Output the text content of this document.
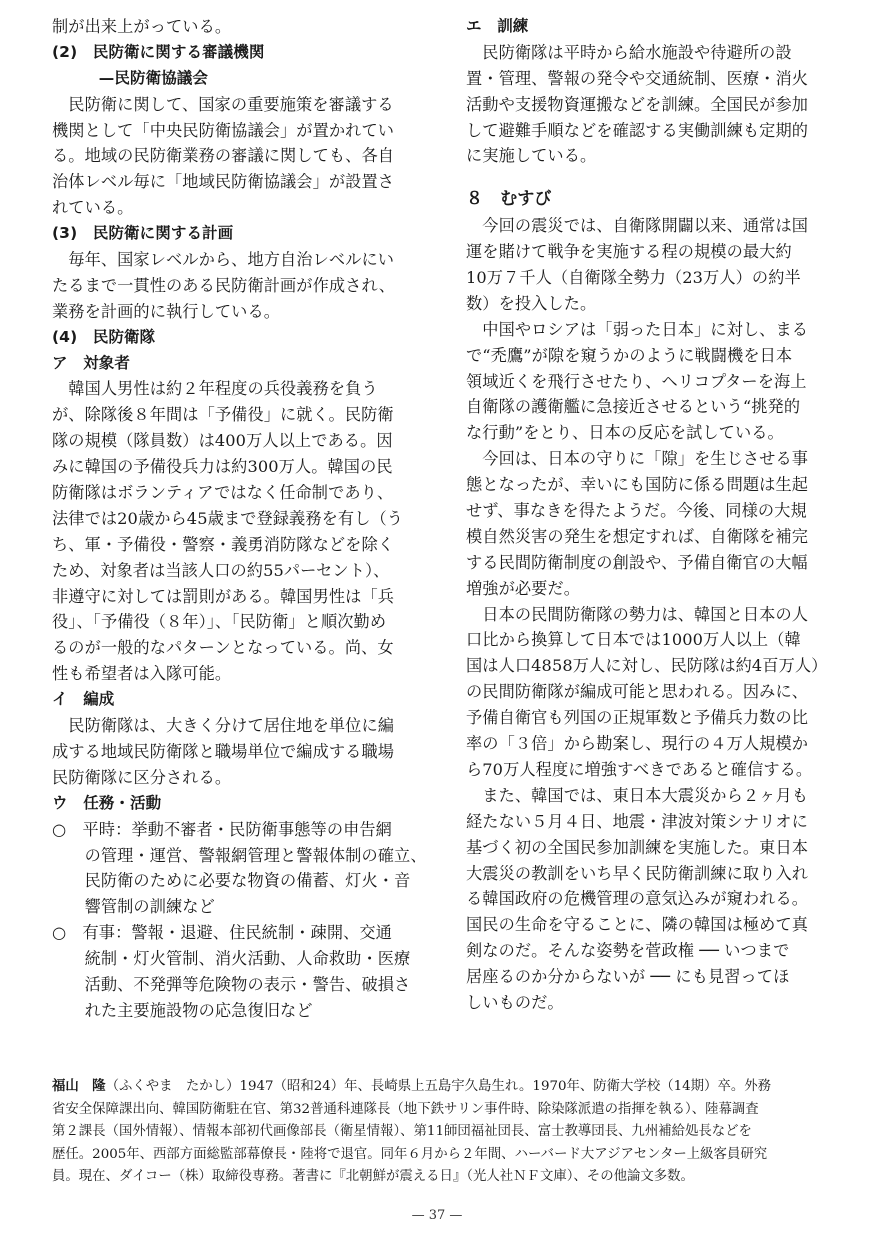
制が出来上がっている。
(2)　民防衛に関する審議機関
　　　—民防衛協議会
　民防衛に関して、国家の重要施策を審議する
機関として「中央民防衛協議会」が置かれてい
る。地域の民防衛業務の審議に関しても、各自
治体レベル毎に「地域民防衛協議会」が設置さ
れている。
(3)　民防衛に関する計画
　毎年、国家レベルから、地方自治レベルにい
たるまで一貫性のある民防衛計画が作成され、
業務を計画的に執行している。
(4)　民防衛隊
ア　対象者
　韓国人男性は約２年程度の兵役義務を負う
が、除隊後８年間は「予備役」に就く。民防衛
隊の規模（隊員数）は400万人以上である。因
みに韓国の予備役兵力は約300万人。韓国の民
防衛隊はボランティアではなく任命制であり、
法律では20歳から45歳まで登録義務を有し（う
ち、軍・予備役・警察・義勇消防隊などを除く
ため、対象者は当該人口の約55パーセント）、
非遵守に対しては罰則がある。韓国男性は「兵
役」、「予備役（８年）」、「民防衛」と順次勤め
るのが一般的なパターンとなっている。尚、女
性も希望者は入隊可能。
イ　編成
　民防衛隊は、大きく分けて居住地を単位に編
成する地域民防衛隊と職場単位で編成する職場
民防衛隊に区分される。
ウ　任務・活動
○　平時：挙動不審者・民防衛事態等の申告網
　　の管理・運営、警報網管理と警報体制の確立、
　　民防衛のために必要な物資の備蓄、灯火・音
　　響管制の訓練など
○　有事：警報・退避、住民統制・疎開、交通
　　統制・灯火管制、消火活動、人命救助・医療
　　活動、不発弾等危険物の表示・警告、破損さ
　　れた主要施設物の応急復旧など
エ　訓練
　民防衛隊は平時から給水施設や待避所の設
置・管理、警報の発令や交通統制、医療・消火
活動や支援物資運搬などを訓練。全国民が参加
して避難手順などを確認する実働訓練も定期的
に実施している。
８　むすび
　今回の震災では、自衛隊開闢以来、通常は国
運を賭けて戦争を実施する程の規模の最大約
10万７千人（自衛隊全勢力（23万人）の約半
数）を投入した。
　中国やロシアは「弱った日本」に対し、まる
で“禿鷹”が隙を窺うかのように戦闘機を日本
領域近くを飛行させたり、ヘリコプターを海上
自衛隊の護衛艦に急接近させるという“挑発的
な行動”をとり、日本の反応を試している。
　今回は、日本の守りに「隙」を生じさせる事
態となったが、幸いにも国防に係る問題は生起
せず、事なきを得たようだ。今後、同様の大規
模自然災害の発生を想定すれば、自衛隊を補完
する民間防衛制度の創設や、予備自衛官の大幅
増強が必要だ。
　日本の民間防衛隊の勢力は、韓国と日本の人
口比から換算して日本では1000万人以上（韓
国は人口4858万人に対し、民防隊は約4百万人）
の民間防衛隊が編成可能と思われる。因みに、
予備自衛官も列国の正規軍数と予備兵力数の比
率の「３倍」から勘案し、現行の４万人規模か
ら70万人程度に増強すべきであると確信する。
　また、韓国では、東日本大震災から２ヶ月も
経たない５月４日、地震・津波対策シナリオに
基づく初の全国民参加訓練を実施した。東日本
大震災の教訓をいち早く民防衛訓練に取り入れ
る韓国政府の危機管理の意気込みが窺われる。
国民の生命を守ることに、隣の韓国は極めて真
剣なのだ。そんな姿勢を菅政権 ── いつまで
居座るのか分からないが ── にも見習ってほ
しいものだ。
福山　隆（ふくやま　たかし）1947（昭和24）年、長崎県上五島宇久島生れ。1970年、防衛大学校（14期）卒。外務
省安全保障課出向、韓国防衛駐在官、第32普通科連隊長（地下鉄サリン事件時、除染隊派遣の指揮を執る）、陸幕調査
第２課長（国外情報）、情報本部初代画像部長（衛星情報）、第11師団福祉団長、富士教導団長、九州補給処長などを
歴任。2005年、西部方面総監部幕僚長・陸将で退官。同年６月から２年間、ハーバード大アジアセンター上級客員研究
員。現在、ダイコー（株）取締役専務。著書に『北朝鮮が震える日』（光人社ＮＦ文庫）、その他論文多数。
— 37 —
